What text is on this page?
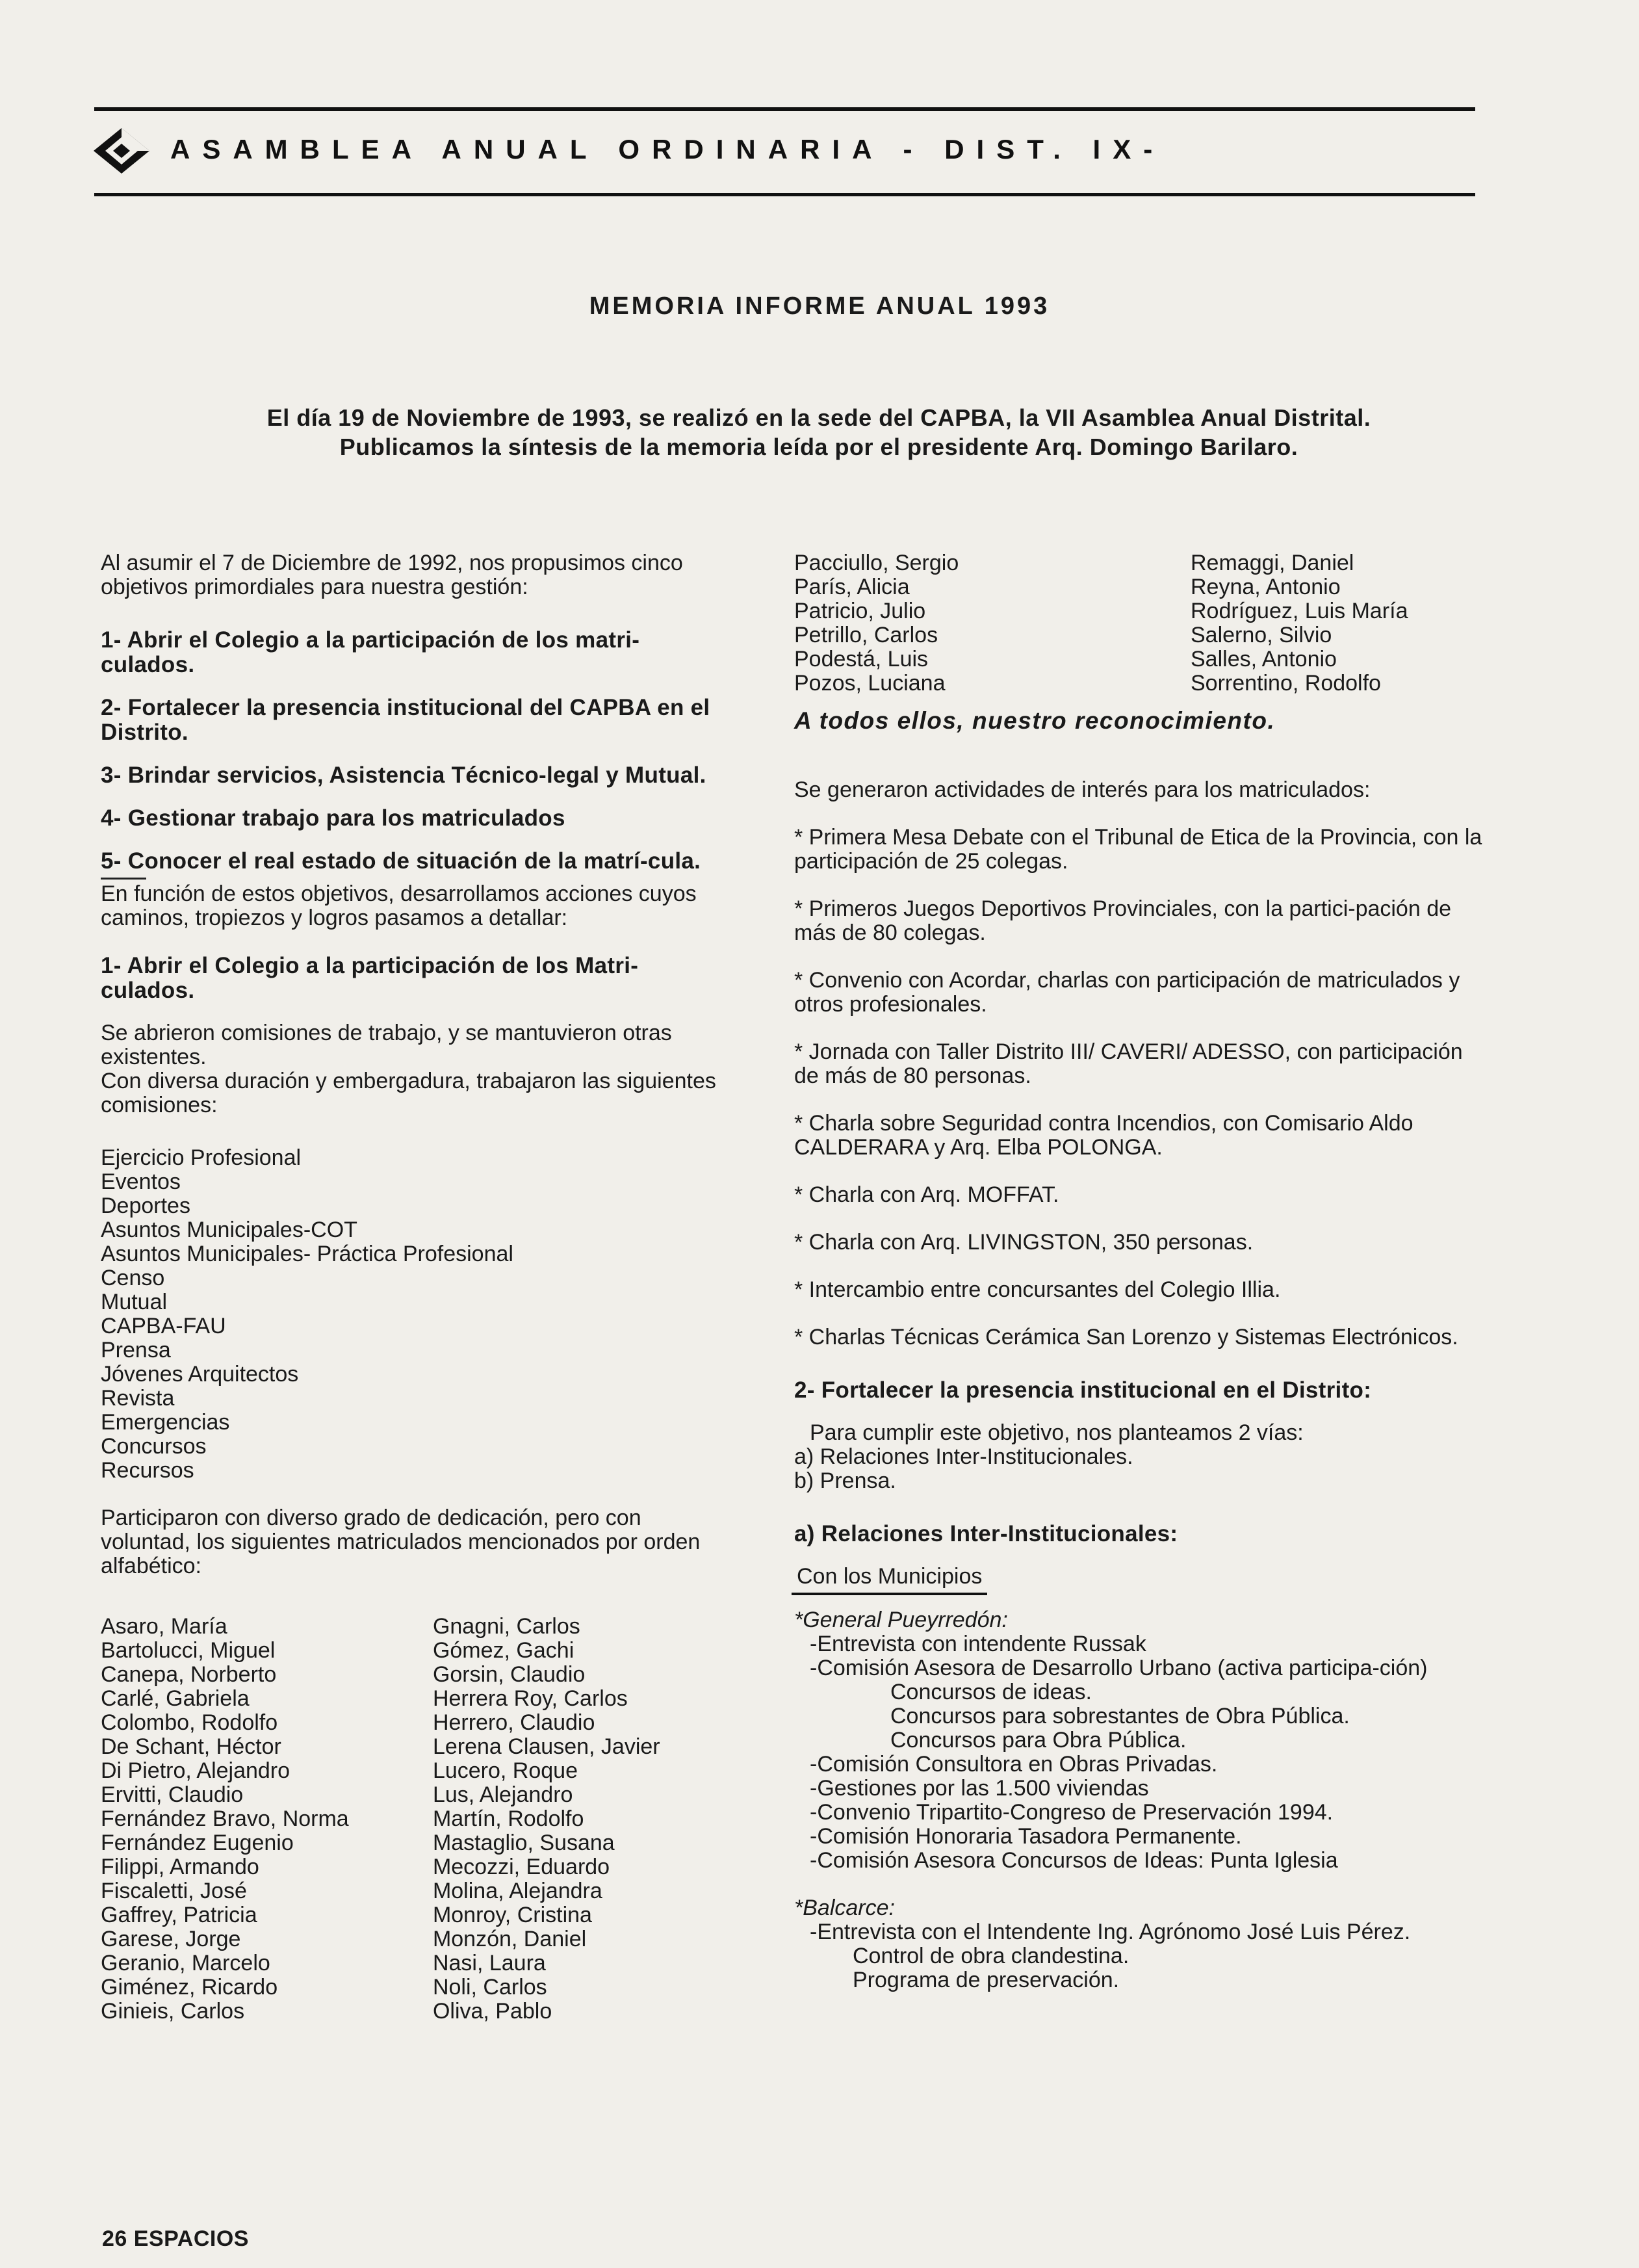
ASAMBLEA ANUAL ORDINARIA - DIST. IX-
MEMORIA INFORME ANUAL 1993

El día 19 de Noviembre de 1993, se realizó en la sede del CAPBA, la VII Asamblea Anual Distrital.

Publicamos la síntesis de la memoria leída por el presidente Arq. Domingo Barilaro.

Al asumir el 7 de Diciembre de 1992, nos propusimos cinco objetivos primordiales para nuestra gestión:

1- Abrir el Colegio a la participación de los matri-culados.

2- Fortalecer la presencia institucional del CAPBA en el Distrito.

3- Brindar servicios, Asistencia Técnico-legal y Mutual.

4- Gestionar trabajo para los matriculados

5- Conocer el real estado de situación de la matrí-cula.

En función de estos objetivos, desarrollamos acciones cuyos caminos, tropiezos y logros pasamos a detallar:

1- Abrir el Colegio a la participación de los Matri-culados.

Se abrieron comisiones de trabajo, y se mantuvieron otras existentes.

Con diversa duración y embergadura, trabajaron las siguientes comisiones:

Ejercicio Profesional
Eventos
Deportes
Asuntos Municipales-COT
Asuntos Municipales- Práctica Profesional
Censo
Mutual
CAPBA-FAU
Prensa
Jóvenes Arquitectos
Revista
Emergencias
Concursos
Recursos

Participaron con diverso grado de dedicación, pero con voluntad, los siguientes matriculados mencionados por orden alfabético:

Asaro, María
Bartolucci, Miguel
Canepa, Norberto
Carlé, Gabriela
Colombo, Rodolfo
De Schant, Héctor
Di Pietro, Alejandro
Ervitti, Claudio
Fernández Bravo, Norma
Fernández Eugenio
Filippi, Armando
Fiscaletti, José
Gaffrey, Patricia
Garese, Jorge
Geranio, Marcelo
Giménez, Ricardo
Ginieis, Carlos
Gnagni, Carlos
Gómez, Gachi
Gorsin, Claudio
Herrera Roy, Carlos
Herrero, Claudio
Lerena Clausen, Javier
Lucero, Roque
Lus, Alejandro
Martín, Rodolfo
Mastaglio, Susana
Mecozzi, Eduardo
Molina, Alejandra
Monroy, Cristina
Monzón, Daniel
Nasi, Laura
Noli, Carlos
Oliva, Pablo
Pacciullo, Sergio
París, Alicia
Patricio, Julio
Petrillo, Carlos
Podestá, Luis
Pozos, Luciana
Remaggi, Daniel
Reyna, Antonio
Rodríguez, Luis María
Salerno, Silvio
Salles, Antonio
Sorrentino, Rodolfo

A todos ellos, nuestro reconocimiento.

Se generaron actividades de interés para los matriculados:

* Primera Mesa Debate con el Tribunal de Etica de la Provincia, con la participación de 25 colegas.

* Primeros Juegos Deportivos Provinciales, con la partici-pación de más de 80 colegas.

* Convenio con Acordar, charlas con participación de matriculados y otros profesionales.

* Jornada con Taller Distrito III/ CAVERI/ ADESSO, con participación de más de 80 personas.

* Charla sobre Seguridad contra Incendios, con Comisario Aldo CALDERARA y Arq. Elba POLONGA.

* Charla con Arq. MOFFAT.

* Charla con Arq. LIVINGSTON, 350 personas.

* Intercambio entre concursantes del Colegio Illia.

* Charlas Técnicas Cerámica San Lorenzo y Sistemas Electrónicos.

2- Fortalecer la presencia institucional en el Distrito:

Para cumplir este objetivo, nos planteamos 2 vías:

a) Relaciones Inter-Institucionales.

b) Prensa.

a) Relaciones Inter-Institucionales:

Con los Municipios

*General Pueyrredón:

-Entrevista con intendente Russak

-Comisión Asesora de Desarrollo Urbano (activa participa-ción)

Concursos de ideas.

Concursos para sobrestantes de Obra Pública.

Concursos para Obra Pública.

-Comisión Consultora en Obras Privadas.

-Gestiones por las 1.500 viviendas

-Convenio Tripartito-Congreso de Preservación 1994.

-Comisión Honoraria Tasadora Permanente.

-Comisión Asesora Concursos de Ideas: Punta Iglesia

*Balcarce:

-Entrevista con el Intendente Ing. Agrónomo José Luis Pérez.

Control de obra clandestina.

Programa de preservación.

26 ESPACIOS
